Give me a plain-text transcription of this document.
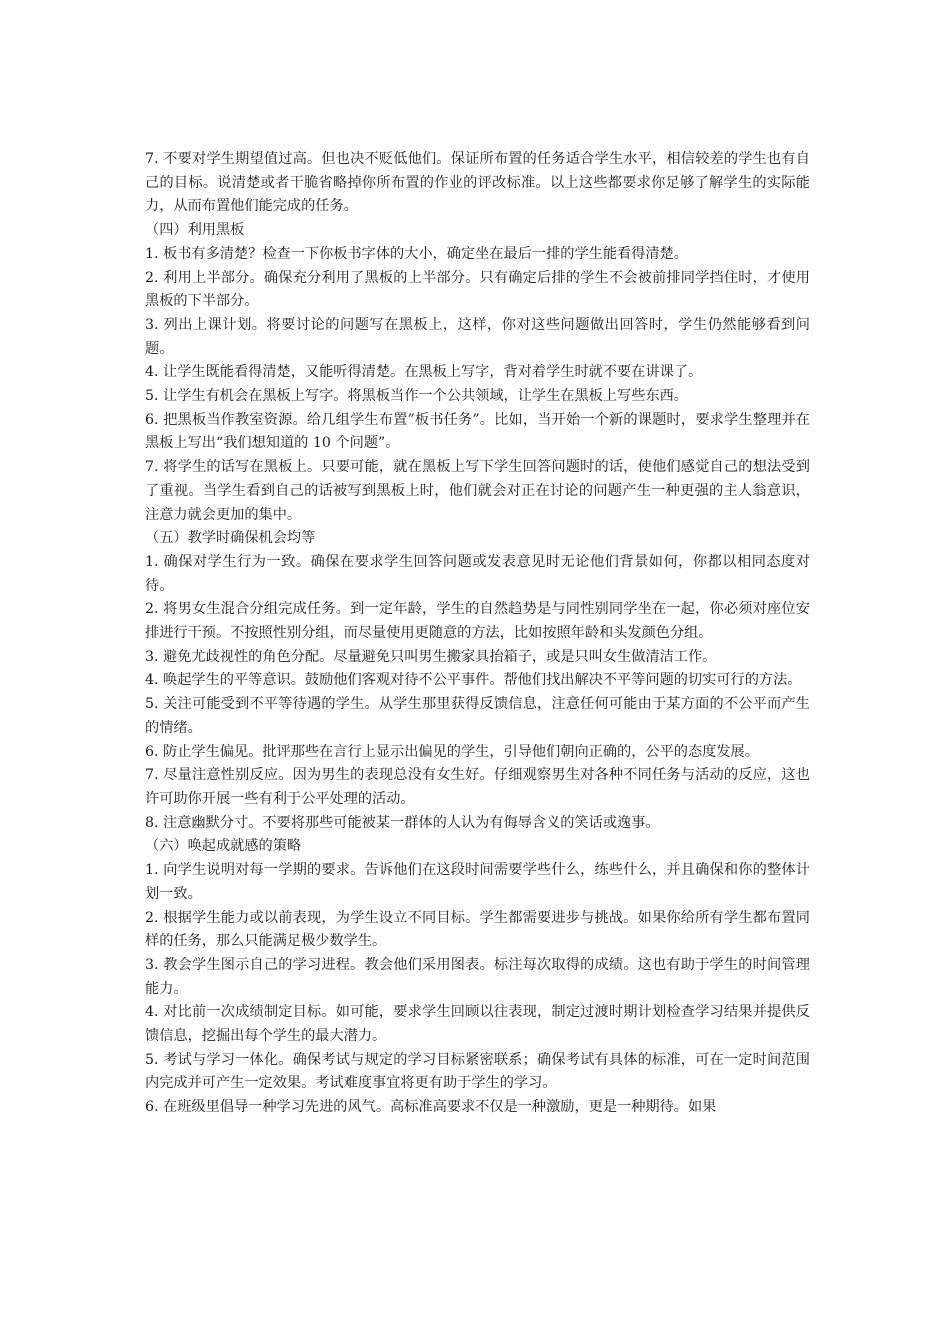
7. 不要对学生期望值过高。但也决不贬低他们。保证所布置的任务适合学生水平，相信较差的学生也有自己的目标。说清楚或者干脆省略掉你所布置的作业的评改标准。以上这些都要求你足够了解学生的实际能力，从而布置他们能完成的任务。

（四）利用黑板

1. 板书有多清楚？检查一下你板书字体的大小，确定坐在最后一排的学生能看得清楚。

2. 利用上半部分。确保充分利用了黑板的上半部分。只有确定后排的学生不会被前排同学挡住时，才使用黑板的下半部分。

3. 列出上课计划。将要讨论的问题写在黑板上，这样，你对这些问题做出回答时，学生仍然能够看到问题。

4. 让学生既能看得清楚，又能听得清楚。在黑板上写字，背对着学生时就不要在讲课了。

5. 让学生有机会在黑板上写字。将黑板当作一个公共领域，让学生在黑板上写些东西。

6. 把黑板当作教室资源。给几组学生布置”板书任务”。比如，当开始一个新的课题时，要求学生整理并在黑板上写出“我们想知道的 10 个问题”。

7. 将学生的话写在黑板上。只要可能，就在黑板上写下学生回答问题时的话，使他们感觉自己的想法受到了重视。当学生看到自己的话被写到黑板上时，他们就会对正在讨论的问题产生一种更强的主人翁意识，注意力就会更加的集中。

（五）教学时确保机会均等

1. 确保对学生行为一致。确保在要求学生回答问题或发表意见时无论他们背景如何，你都以相同态度对待。

2. 将男女生混合分组完成任务。到一定年龄，学生的自然趋势是与同性别同学坐在一起，你必须对座位安排进行干预。不按照性别分组，而尽量使用更随意的方法，比如按照年龄和头发颜色分组。

3. 避免尤歧视性的角色分配。尽量避免只叫男生搬家具抬箱子，或是只叫女生做清洁工作。

4. 唤起学生的平等意识。鼓励他们客观对待不公平事件。帮他们找出解决不平等问题的切实可行的方法。

5. 关注可能受到不平等待遇的学生。从学生那里获得反馈信息，注意任何可能由于某方面的不公平而产生的情绪。

6. 防止学生偏见。批评那些在言行上显示出偏见的学生，引导他们朝向正确的，公平的态度发展。

7. 尽量注意性别反应。因为男生的表现总没有女生好。仔细观察男生对各种不同任务与活动的反应，这也许可助你开展一些有利于公平处理的活动。

8. 注意幽默分寸。不要将那些可能被某一群体的人认为有侮辱含义的笑话或逸事。

（六）唤起成就感的策略

1. 向学生说明对每一学期的要求。告诉他们在这段时间需要学些什么，练些什么，并且确保和你的整体计划一致。

2. 根据学生能力或以前表现，为学生设立不同目标。学生都需要进步与挑战。如果你给所有学生都布置同样的任务，那么只能满足极少数学生。

3. 教会学生图示自己的学习进程。教会他们采用图表。标注每次取得的成绩。这也有助于学生的时间管理能力。

4. 对比前一次成绩制定目标。如可能，要求学生回顾以往表现，制定过渡时期计划检查学习结果并提供反馈信息，挖掘出每个学生的最大潜力。

5. 考试与学习一体化。确保考试与规定的学习目标紧密联系；确保考试有具体的标准，可在一定时间范围内完成并可产生一定效果。考试难度事宜将更有助于学生的学习。

6. 在班级里倡导一种学习先进的风气。高标准高要求不仅是一种激励，更是一种期待。如果
